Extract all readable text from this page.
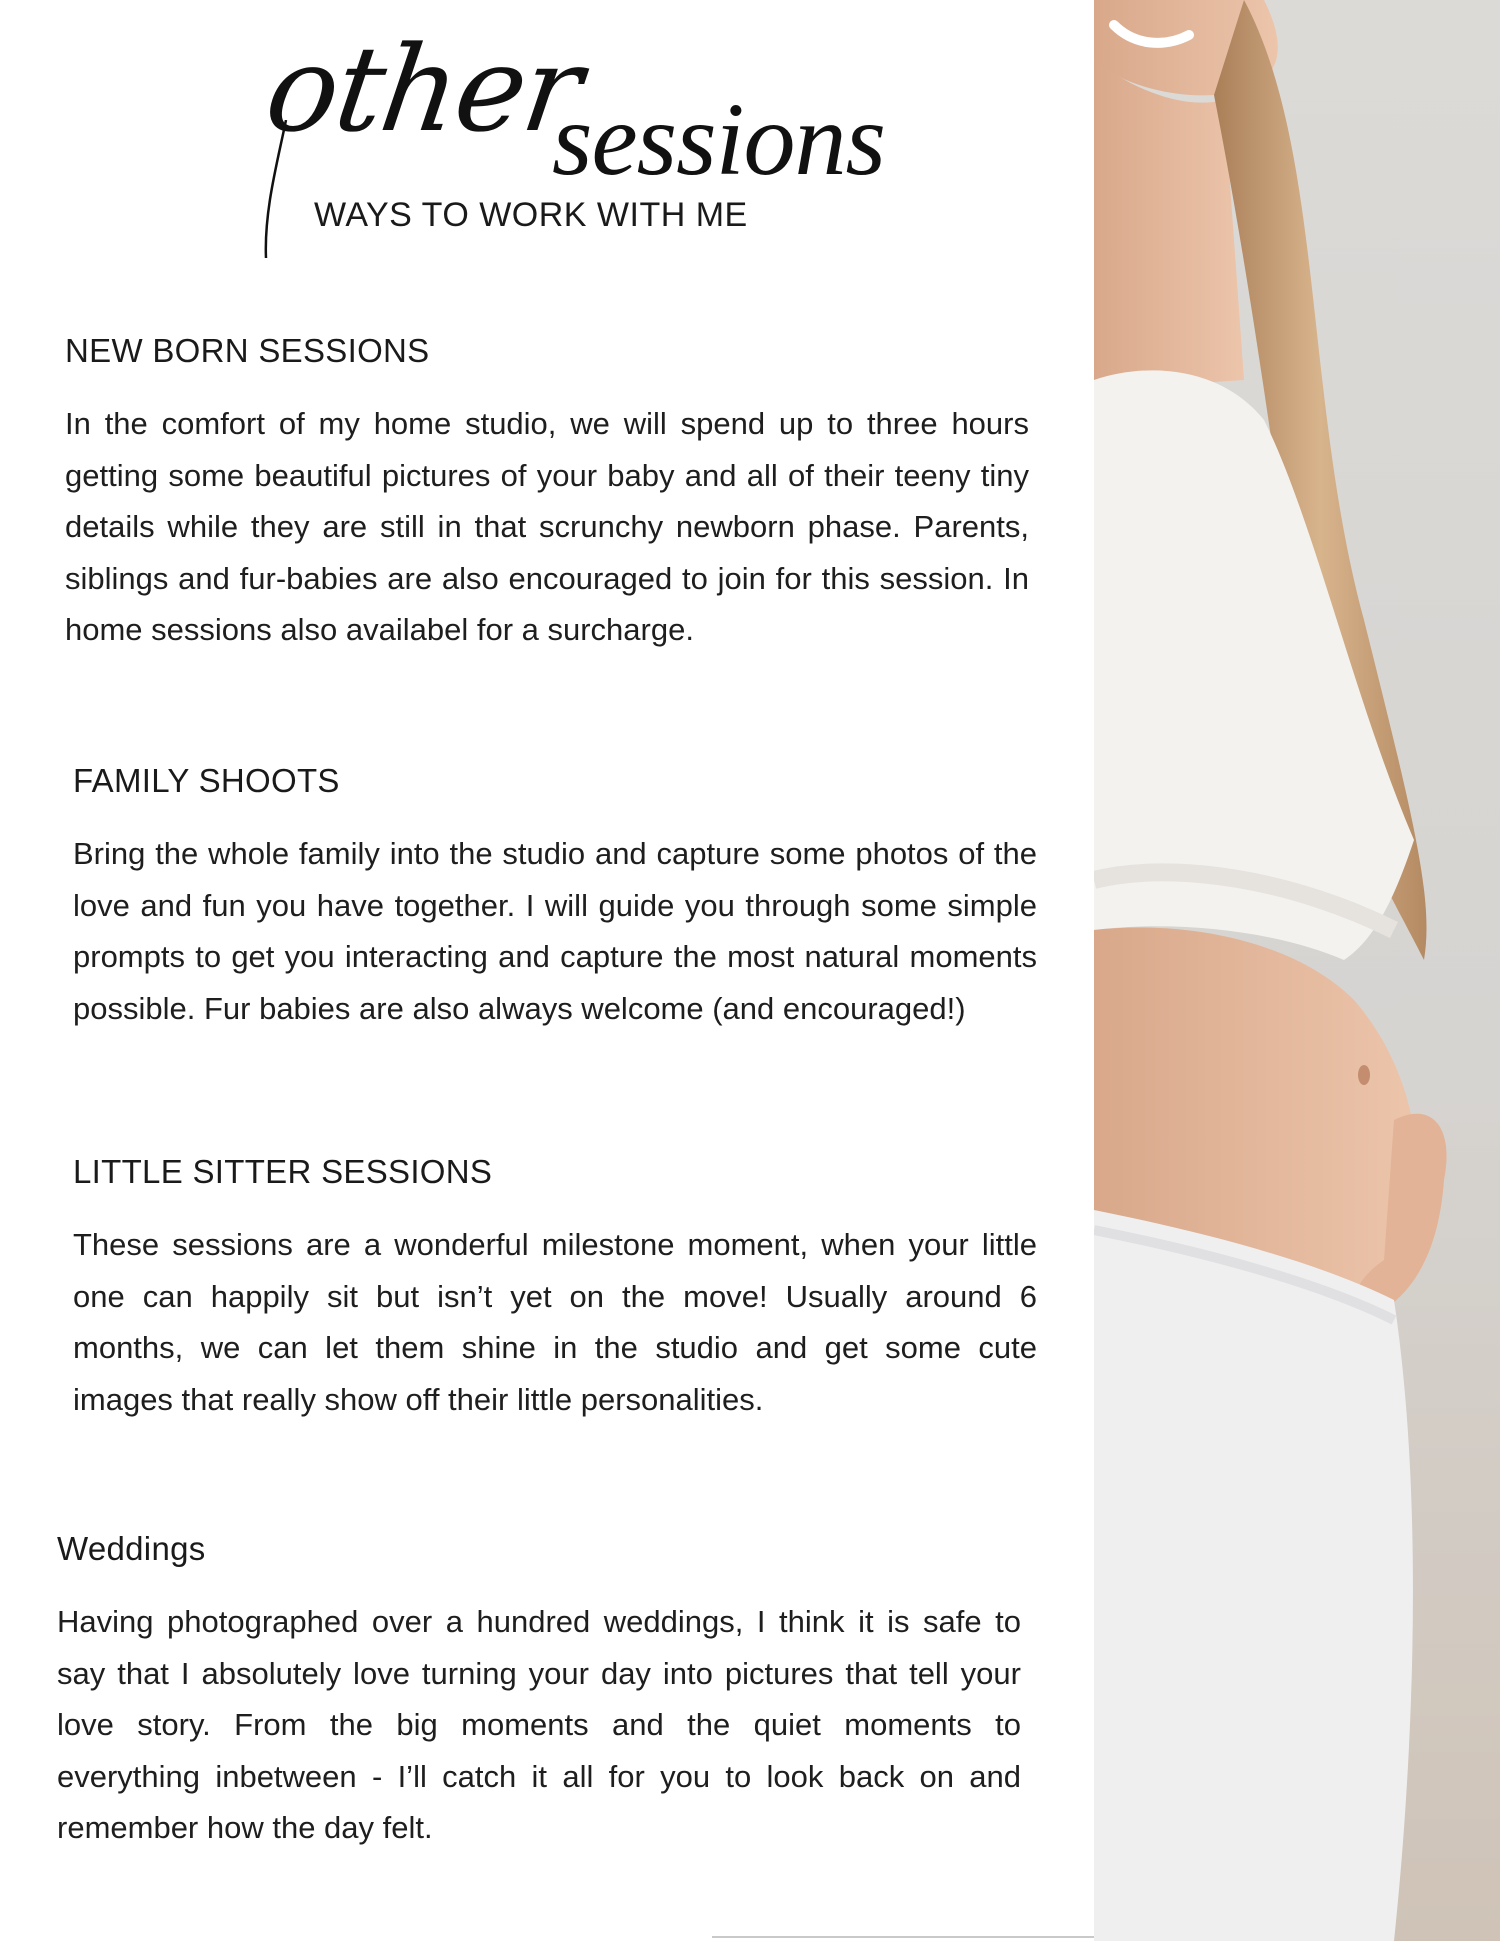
other
sessions
WAYS TO WORK WITH ME
NEW BORN SESSIONS

In the comfort of my home studio, we will spend up to three hours getting some beautiful pictures of your baby and all of their teeny tiny details while they are still in that scrunchy newborn phase. Parents, siblings and fur-babies are also encouraged to join for this session. In home sessions also availabel for a surcharge.

FAMILY SHOOTS

Bring the whole family into the studio and capture some photos of the love and fun you have together. I will guide you through some simple prompts to get you interacting and capture the most natural moments possible. Fur babies are also always welcome (and encouraged!)

LITTLE SITTER SESSIONS

These sessions are a wonderful milestone moment, when your little one can happily sit but isn’t yet on the move! Usually around 6 months, we can let them shine in the studio and get some cute images that really show off their little personalities.

Weddings

Having photographed over a hundred weddings, I think it is safe to say that I absolutely love turning your day into pictures that tell your love story. From the big moments and the quiet moments to everything inbetween - I’ll catch it all for you to look back on and remember how the day felt.
